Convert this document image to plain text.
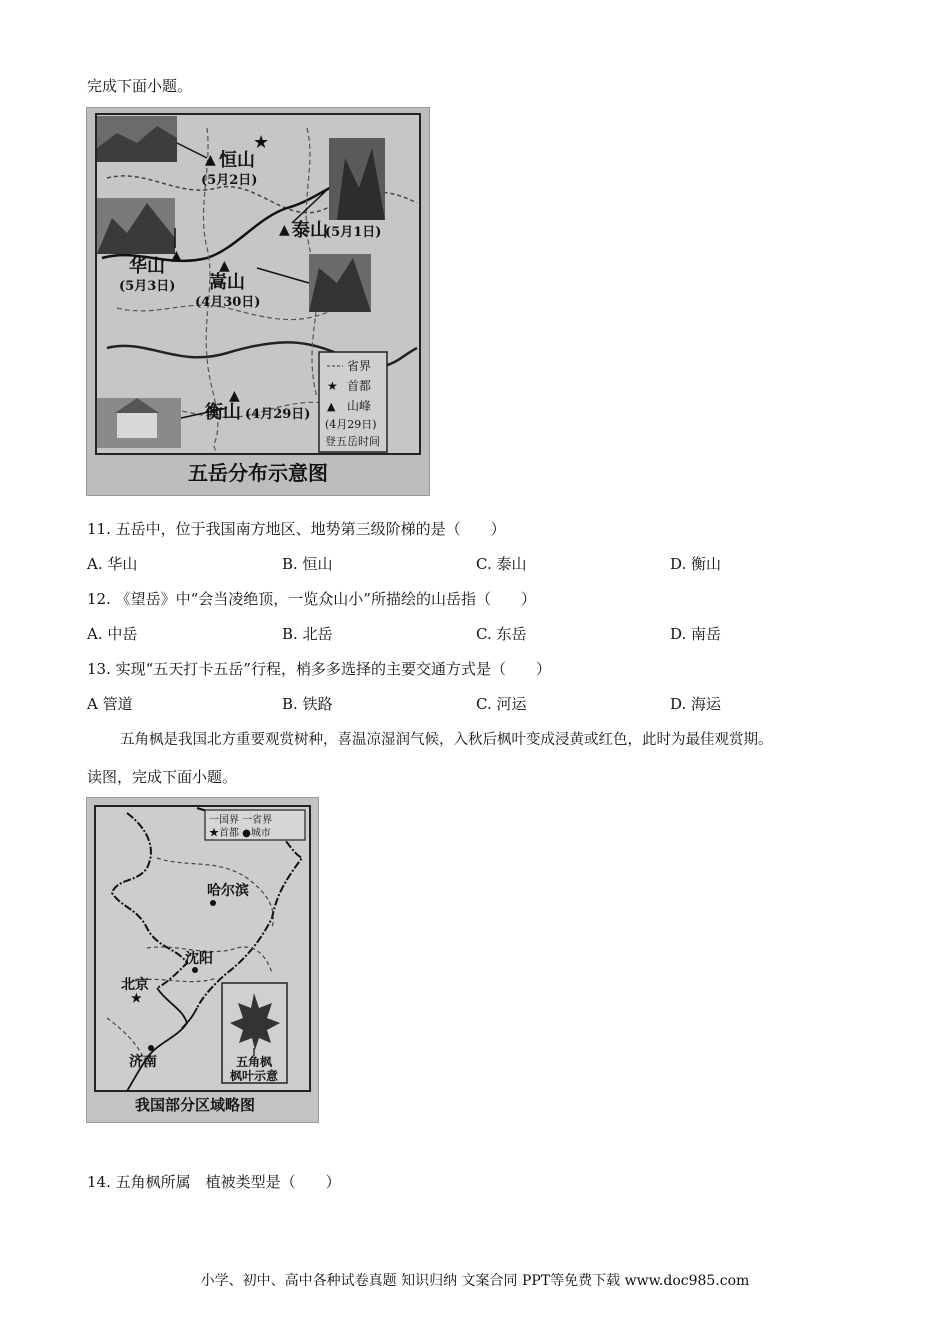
完成下面小题。
★
▲ 恒山
(5月2日)
▲ 泰山
(5月1日)
▲
华山
(5月3日)
▲
嵩山
(4月30日)
▲
衡山 (4月29日)
省界
★ 首都
▲ 山峰
(4月29日)
登五岳时间
五岳分布示意图
11. 五岳中，位于我国南方地区、地势第三级阶梯的是（　　）
A. 华山	B. 恒山	C. 泰山	D. 衡山
12. 《望岳》中“会当凌绝顶，一览众山小”所描绘的山岳指（　　）
A. 中岳	B. 北岳	C. 东岳	D. 南岳
13. 实现“五天打卡五岳”行程，梢多多选择的主要交通方式是（　　）
A 管道	B. 铁路	C. 河运	D. 海运
五角枫是我国北方重要观赏树种，喜温凉湿润气候，入秋后枫叶变成浸黄或红色，此时为最佳观赏期。
读图，完成下面小题。
一国界 一省界
★首都 ●城市
哈尔滨
沈阳
北京
★
济南	五角枫
枫叶示意
我国部分区域略图
14. 五角枫所属　植被类型是（　　）
小学、初中、高中各种试卷真题 知识归纳 文案合同 PPT等免费下载 www.doc985.com
